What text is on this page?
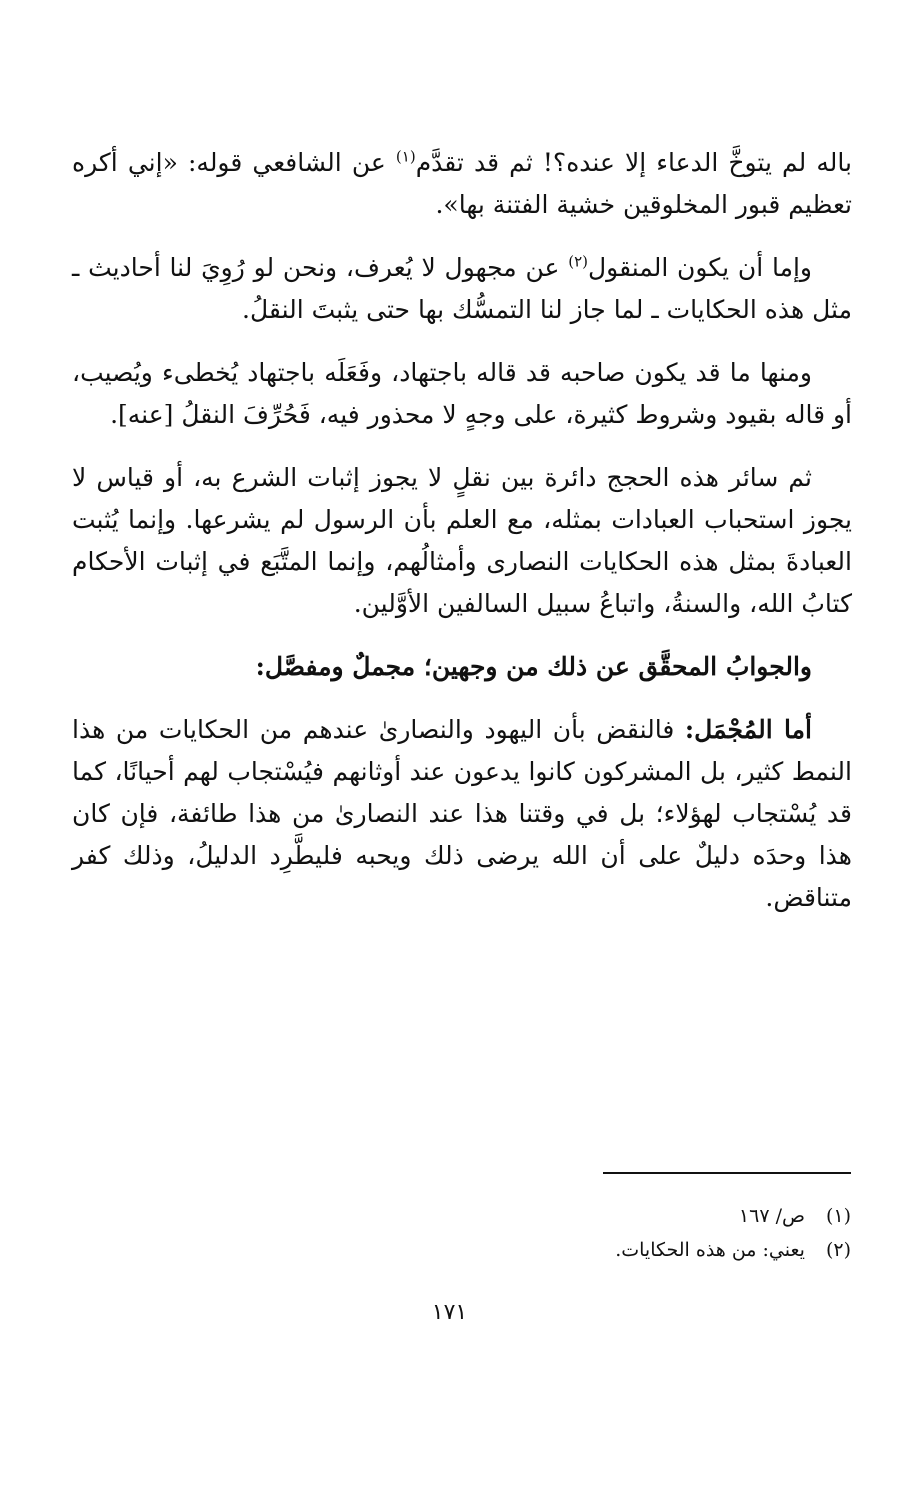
باله لم يتوخَّ الدعاء إلا عنده؟! ثم قد تقدَّم$^{(١)}$ عن الشافعي قوله: «إني أكره تعظيم قبور المخلوقين خشية الفتنة بها».

وإما أن يكون المنقول$^{(٢)}$ عن مجهول لا يُعرف، ونحن لو رُوِيَ لنا أحاديث ـ مثل هذه الحكايات ـ لما جاز لنا التمسُّك بها حتى يثبتَ النقلُ.

ومنها ما قد يكون صاحبه قد قاله باجتهاد، وفَعَلَه باجتهاد يُخطىء ويُصيب، أو قاله بقيود وشروط كثيرة، على وجهٍ لا محذور فيه، فَحُرِّفَ النقلُ [عنه].

ثم سائر هذه الحجج دائرة بين نقلٍ لا يجوز إثبات الشرع به، أو قياس لا يجوز استحباب العبادات بمثله، مع العلم بأن الرسول لم يشرعها. وإنما يُثبت العبادةَ بمثل هذه الحكايات النصارى وأمثالُهم، وإنما المتَّبَع في إثبات الأحكام كتابُ الله، والسنةُ، واتباعُ سبيل السالفين الأوَّلين.

والجوابُ المحقَّق عن ذلك من وجهين؛ مجملٌ ومفصَّل:

أما المُجْمَل: فالنقض بأن اليهود والنصارىٰ عندهم من الحكايات من هذا النمط كثير، بل المشركون كانوا يدعون عند أوثانهم فيُسْتجاب لهم أحيانًا، كما قد يُسْتجاب لهؤلاء؛ بل في وقتنا هذا عند النصارىٰ من هذا طائفة، فإن كان هذا وحدَه دليلٌ على أن الله يرضى ذلك ويحبه فليطَّرِد الدليلُ، وذلك كفر متناقض.

(١) ص/ ١٦٧
(٢) يعني: من هذه الحكايات.
١٧١
